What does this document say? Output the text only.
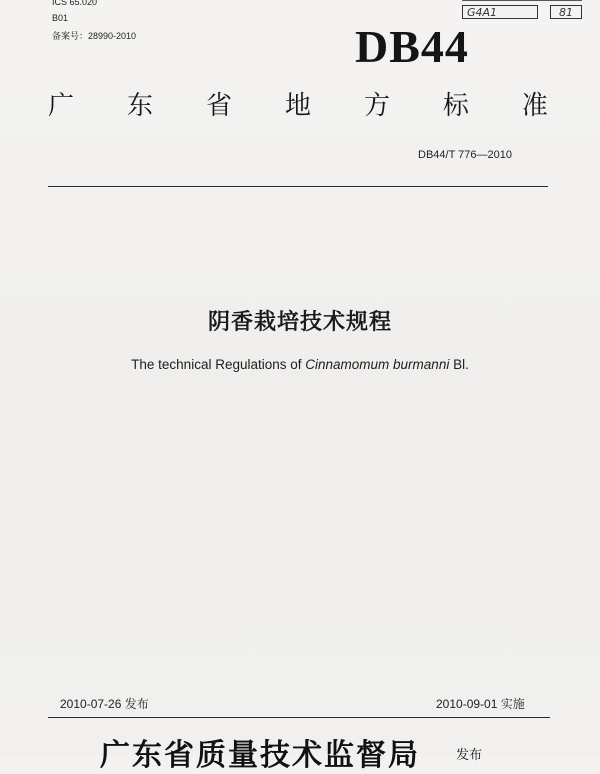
ICS 65.020
B01
备案号：28990-2010
G4A1	81
DB44
广 东 省 地 方 标 准
DB44/T 776—2010
阴香栽培技术规程
The technical Regulations of Cinnamomum burmanni Bl.
2010-07-26 发布	2010-09-01 实施
广东省质量技术监督局	发布
